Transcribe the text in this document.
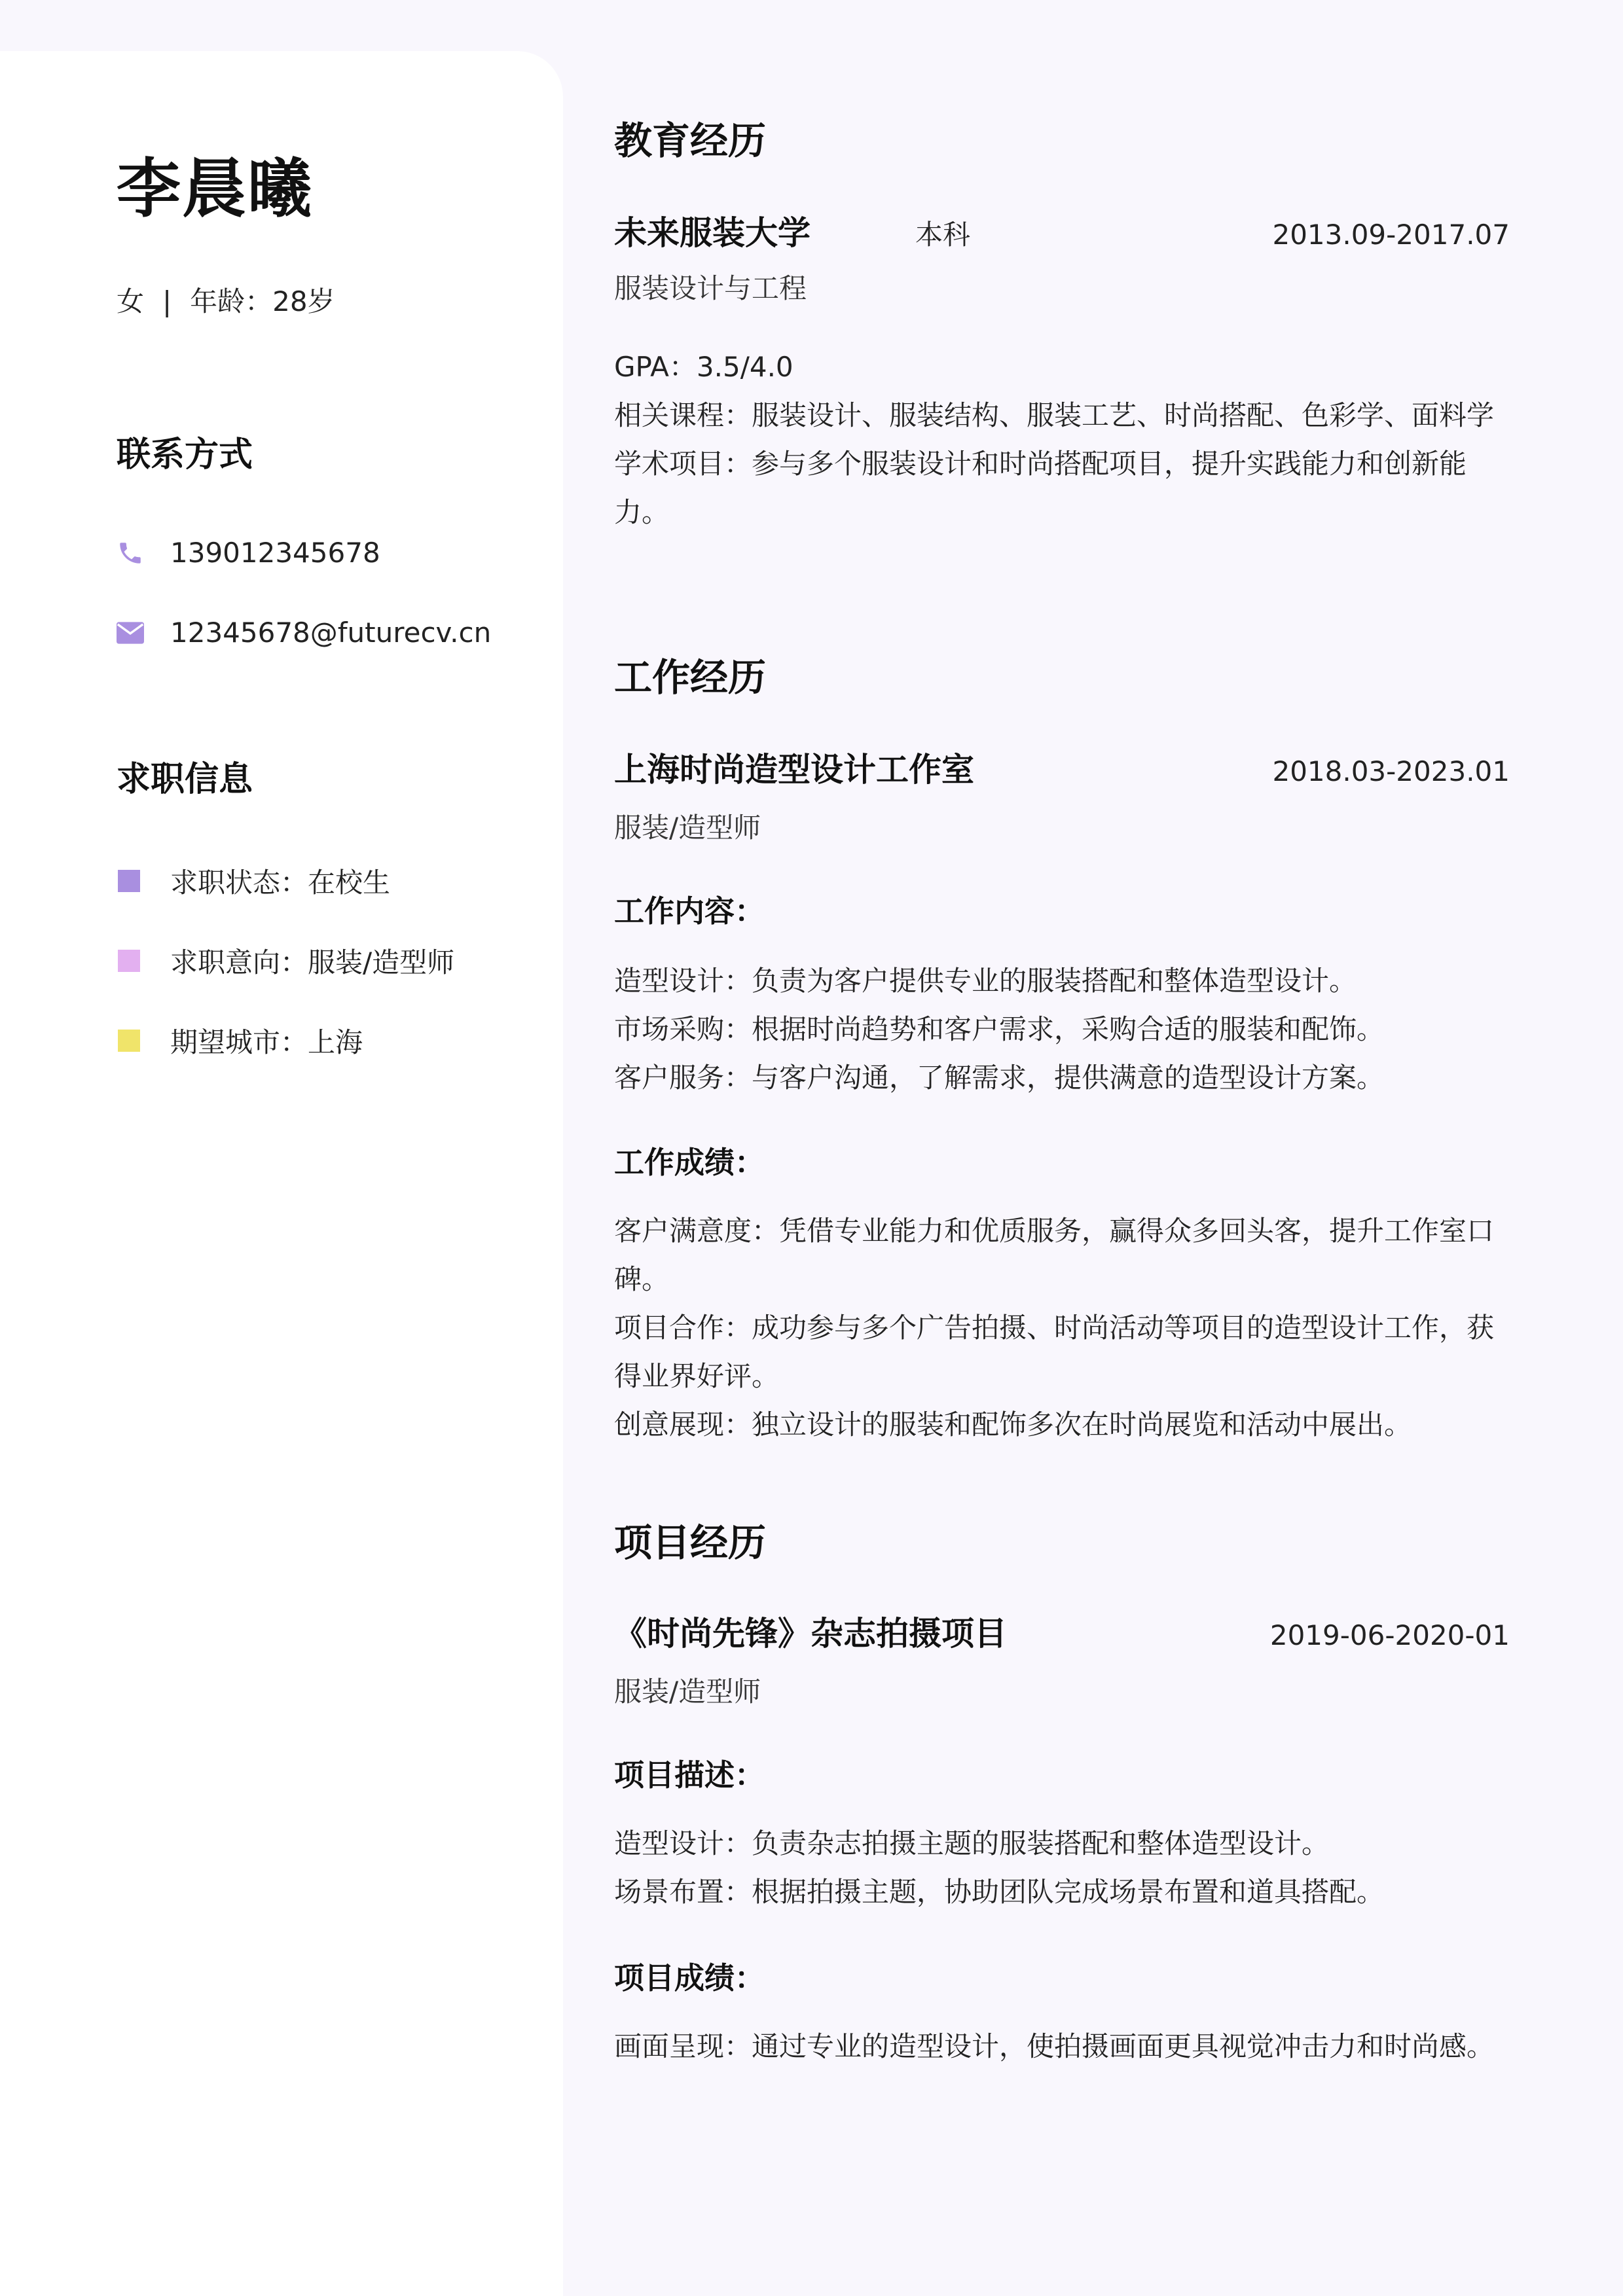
李晨曦
女 | 年龄：28岁
联系方式
139012345678
12345678@futurecv.cn
求职信息
求职状态：在校生
求职意向：服装/造型师
期望城市：上海
教育经历
未来服装大学	本科	2013.09-2017.07
服装设计与工程

GPA：3.5/4.0

相关课程：服装设计、服装结构、服装工艺、时尚搭配、色彩学、面料学

学术项目：参与多个服装设计和时尚搭配项目，提升实践能力和创新能力。

工作经历
上海时尚造型设计工作室	2018.03-2023.01
服装/造型师
工作内容：

造型设计：负责为客户提供专业的服装搭配和整体造型设计。

市场采购：根据时尚趋势和客户需求，采购合适的服装和配饰。

客户服务：与客户沟通，了解需求，提供满意的造型设计方案。

工作成绩：

客户满意度：凭借专业能力和优质服务，赢得众多回头客，提升工作室口碑。

项目合作：成功参与多个广告拍摄、时尚活动等项目的造型设计工作，获得业界好评。

创意展现：独立设计的服装和配饰多次在时尚展览和活动中展出。

项目经历
《时尚先锋》杂志拍摄项目	2019-06-2020-01
服装/造型师
项目描述：

造型设计：负责杂志拍摄主题的服装搭配和整体造型设计。

场景布置：根据拍摄主题，协助团队完成场景布置和道具搭配。

项目成绩：

画面呈现：通过专业的造型设计，使拍摄画面更具视觉冲击力和时尚感。
